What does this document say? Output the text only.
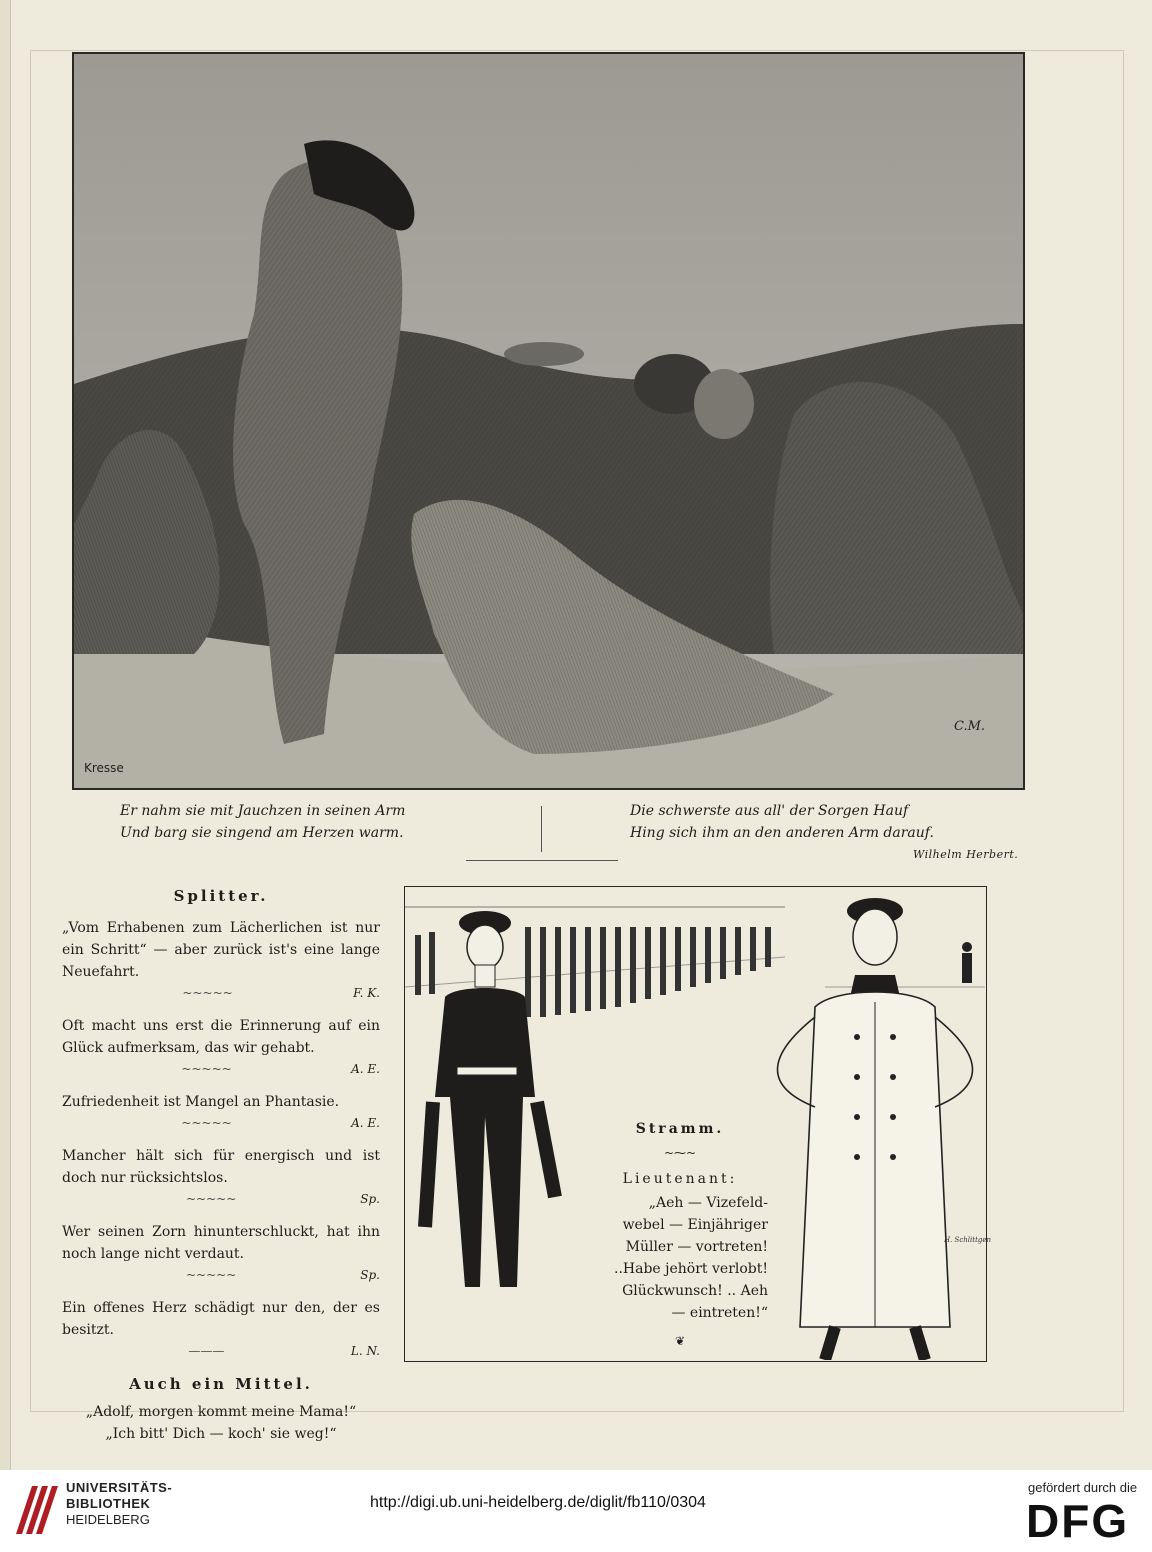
Kresse
C.M.
Er nahm sie mit Jauchzen in seinen Arm
Und barg sie singend am Herzen warm.
Die schwerste aus all' der Sorgen Hauf
Hing sich ihm an den anderen Arm darauf.
Wilhelm Herbert.

Splitter.

„Vom Erhabenen zum Lächerlichen ist nur ein Schritt“ — aber zurück ist's eine lange Neuefahrt.

~~~~~	F. K.

Oft macht uns erst die Erinnerung auf ein Glück aufmerksam, das wir gehabt.

~~~~~	A. E.

Zufriedenheit ist Mangel an Phantasie.

~~~~~	A. E.

Mancher hält sich für energisch und ist doch nur rücksichtslos.

~~~~~	Sp.

Wer seinen Zorn hinunterschluckt, hat ihn noch lange nicht verdaut.

~~~~~	Sp.

Ein offenes Herz schädigt nur den, der es besitzt.

———	L. N.

Auch ein Mittel.

„Adolf, morgen kommt meine Mama!“

„Ich bitt' Dich — koch' sie weg!“

Stramm.

~⁓~

Lieutenant:

„Aeh — Vizefeld-

webel — Einjähriger

Müller — vortreten!

..Habe jehört verlobt!

Glückwunsch! .. Aeh

— eintreten!“

❦

H. Schlittgen
UNIVERSITÄTS-
BIBLIOTHEK
HEIDELBERG
http://digi.ub.uni-heidelberg.de/diglit/fb110/0304
gefördert durch die
DFG
